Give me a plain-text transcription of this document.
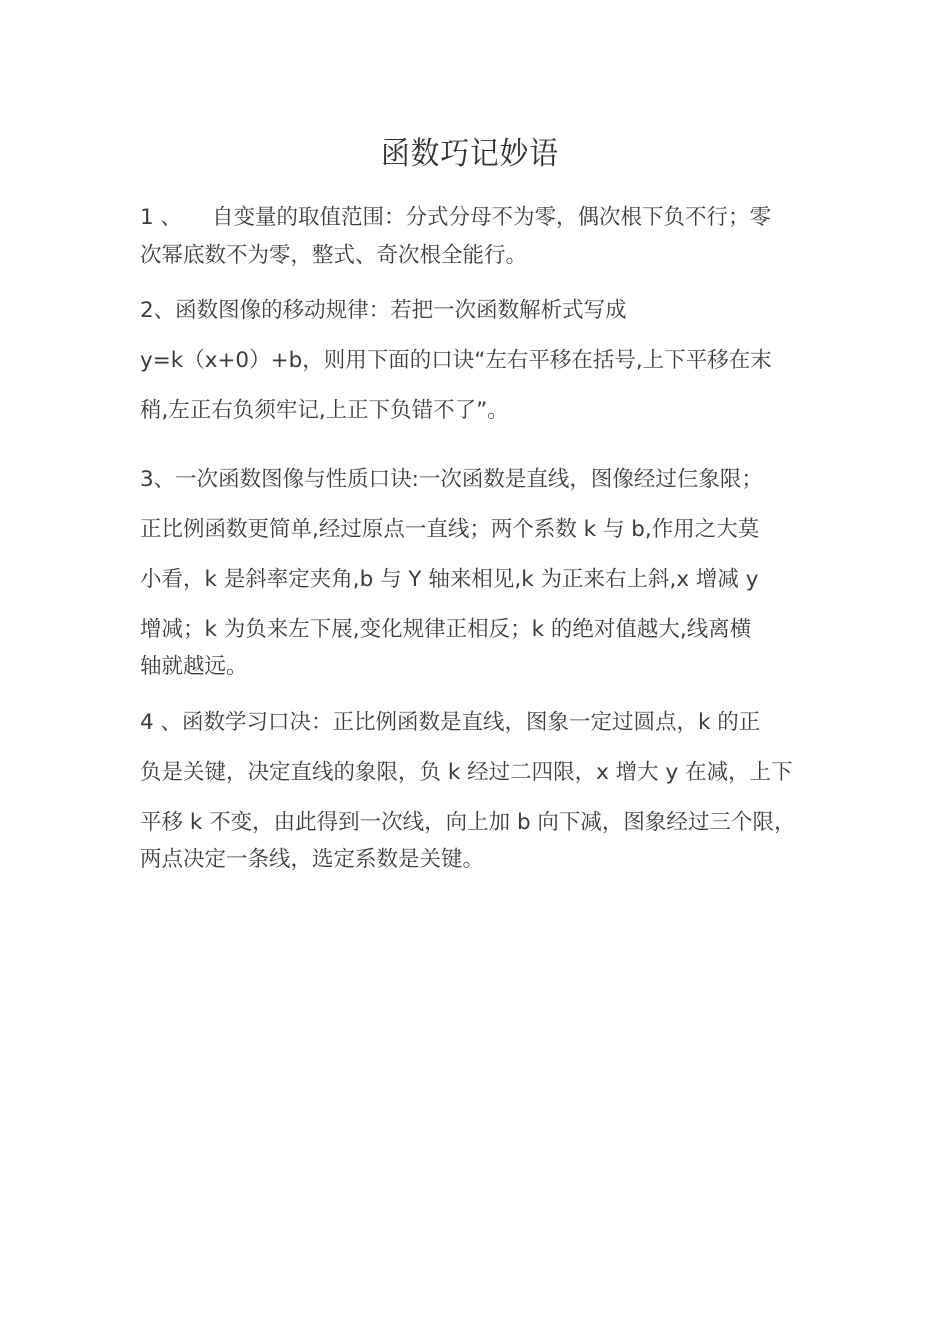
函数巧记妙语
1 、 自变量的取值范围：分式分母不为零，偶次根下负不行；零
次幂底数不为零，整式、奇次根全能行。
2、函数图像的移动规律：若把一次函数解析式写成
y=k（x+0）+b，则用下面的口诀“左右平移在括号,上下平移在末
稍,左正右负须牢记,上正下负错不了”。
3、一次函数图像与性质口诀:一次函数是直线，图像经过仨象限；
正比例函数更简单,经过原点一直线；两个系数 k 与 b,作用之大莫
小看，k 是斜率定夹角,b 与 Y 轴来相见,k 为正来右上斜,x 增减 y
增减；k 为负来左下展,变化规律正相反；k 的绝对值越大,线离横
轴就越远。
4 、函数学习口决：正比例函数是直线，图象一定过圆点，k 的正
负是关键，决定直线的象限，负 k 经过二四限，x 增大 y 在减，上下
平移 k 不变，由此得到一次线，向上加 b 向下减，图象经过三个限，
两点决定一条线，选定系数是关键。
